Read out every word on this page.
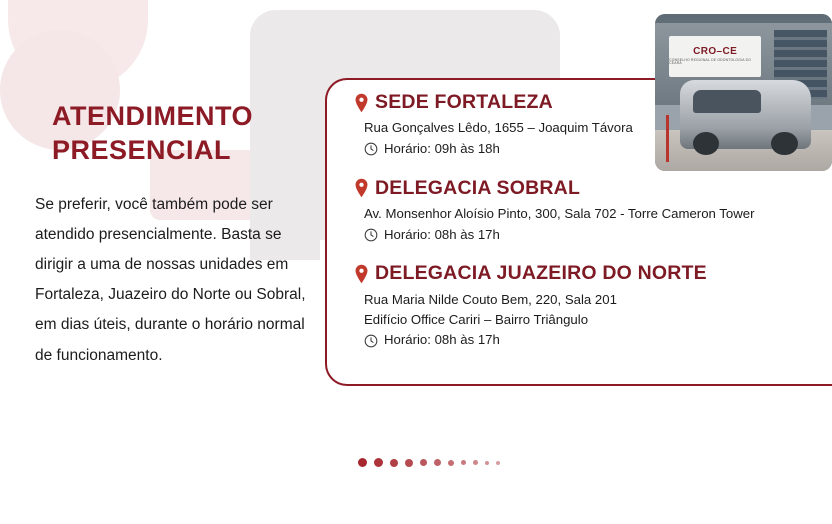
ATENDIMENTO
PRESENCIAL

Se preferir, você também pode ser atendido presencialmente. Basta se dirigir a uma de nossas unidades em Fortaleza, Juazeiro do Norte ou Sobral, em dias úteis, durante o horário normal de funcionamento.

SEDE FORTALEZA
Rua Gonçalves Lêdo, 1655 – Joaquim Távora
Horário: 09h às 18h
DELEGACIA SOBRAL
Av. Monsenhor Aloísio Pinto, 300, Sala 702 - Torre Cameron Tower
Horário: 08h às 17h
DELEGACIA JUAZEIRO DO NORTE
Rua Maria Nilde Couto Bem, 220, Sala 201
Edifício Office Cariri – Bairro Triângulo
Horário: 08h às 17h
CRO–CE
CONSELHO REGIONAL DE ODONTOLOGIA DO CEARÁ
